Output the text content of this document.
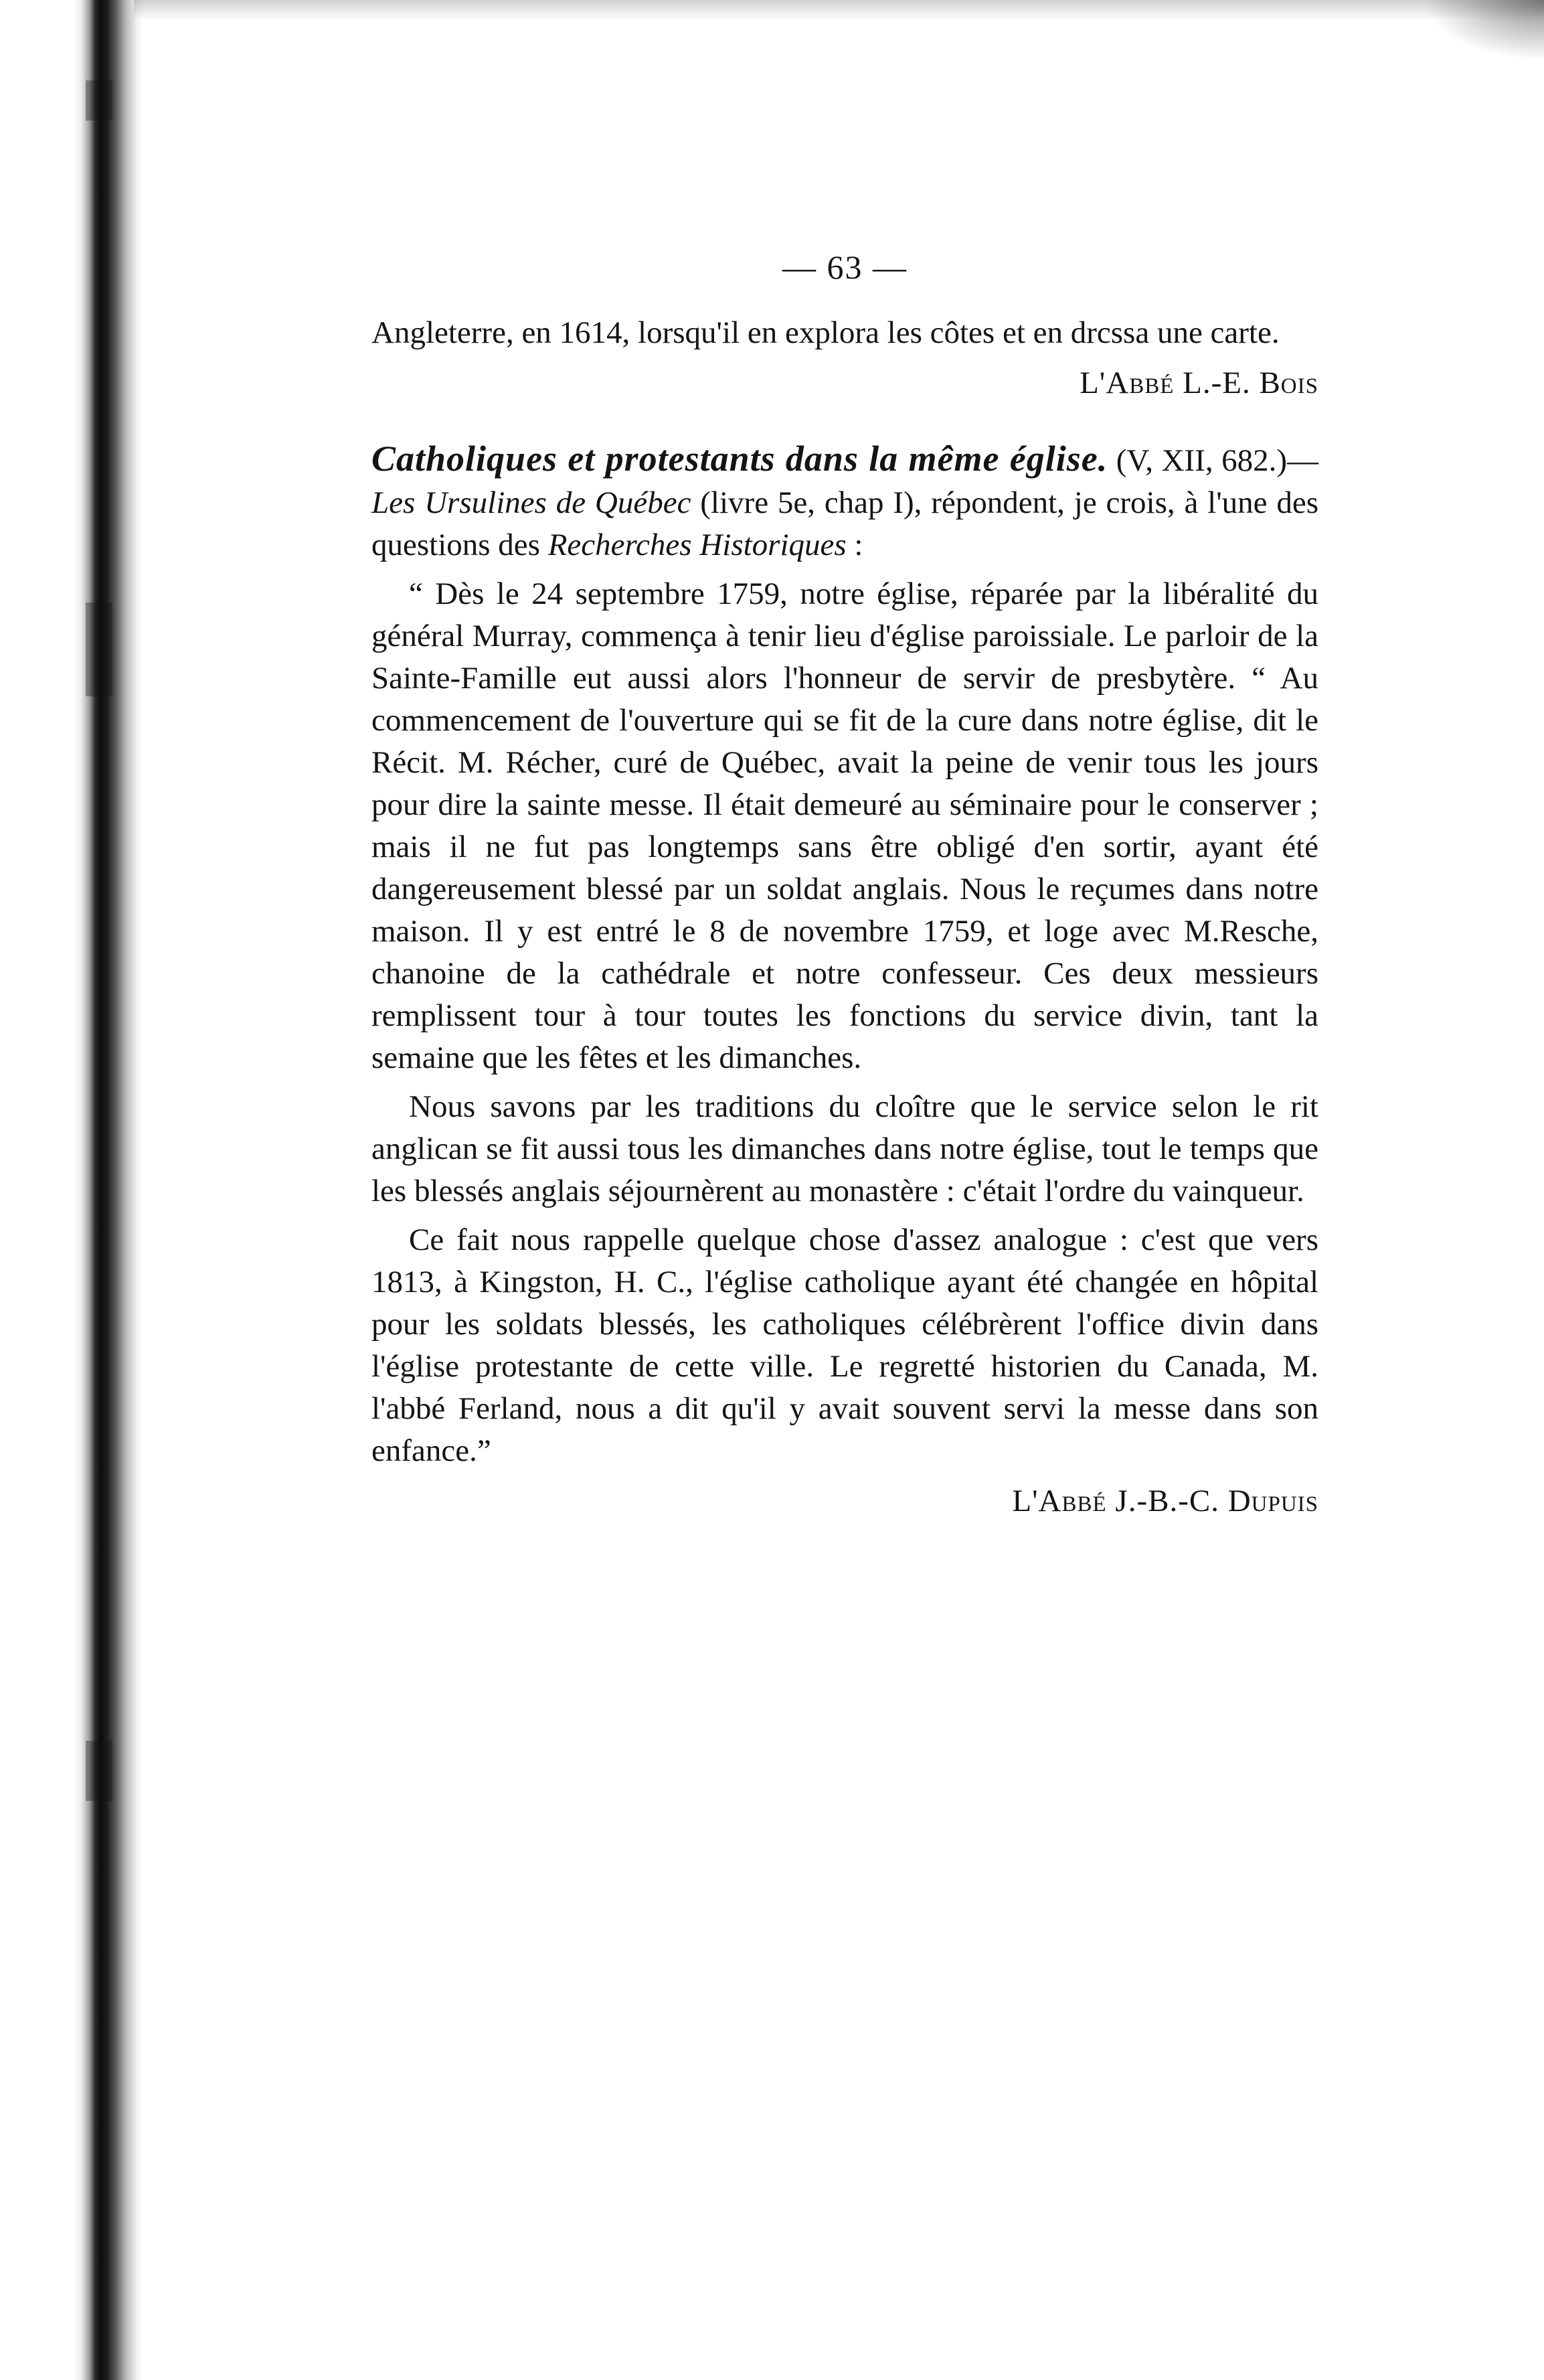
— 63 —

Angleterre, en 1614, lorsqu'il en explora les côtes et en drcssa une carte.

L'Abbé L.-E. Bois

Catholiques et protestants dans la même église. (V, XII, 682.)—Les Ursulines de Québec (livre 5e, chap I), répondent, je crois, à l'une des questions des Recherches Historiques :

“ Dès le 24 septembre 1759, notre église, réparée par la libéralité du général Murray, commença à tenir lieu d'église paroissiale. Le parloir de la Sainte-Famille eut aussi alors l'honneur de servir de presbytère. “ Au commencement de l'ouverture qui se fit de la cure dans notre église, dit le Récit. M. Récher, curé de Québec, avait la peine de venir tous les jours pour dire la sainte messe. Il était demeuré au séminaire pour le conserver ; mais il ne fut pas longtemps sans être obligé d'en sortir, ayant été dangereusement blessé par un soldat anglais. Nous le reçumes dans notre maison. Il y est entré le 8 de novembre 1759, et loge avec M.Resche, chanoine de la cathédrale et notre confesseur. Ces deux messieurs remplissent tour à tour toutes les fonctions du service divin, tant la semaine que les fêtes et les dimanches.

Nous savons par les traditions du cloître que le service selon le rit anglican se fit aussi tous les dimanches dans notre église, tout le temps que les blessés anglais séjournèrent au monastère : c'était l'ordre du vainqueur.

Ce fait nous rappelle quelque chose d'assez analogue : c'est que vers 1813, à Kingston, H. C., l'église catholique ayant été changée en hôpital pour les soldats blessés, les catholiques célébrèrent l'office divin dans l'église protestante de cette ville. Le regretté historien du Canada, M. l'abbé Ferland, nous a dit qu'il y avait souvent servi la messe dans son enfance.”

L'Abbé J.-B.-C. Dupuis
